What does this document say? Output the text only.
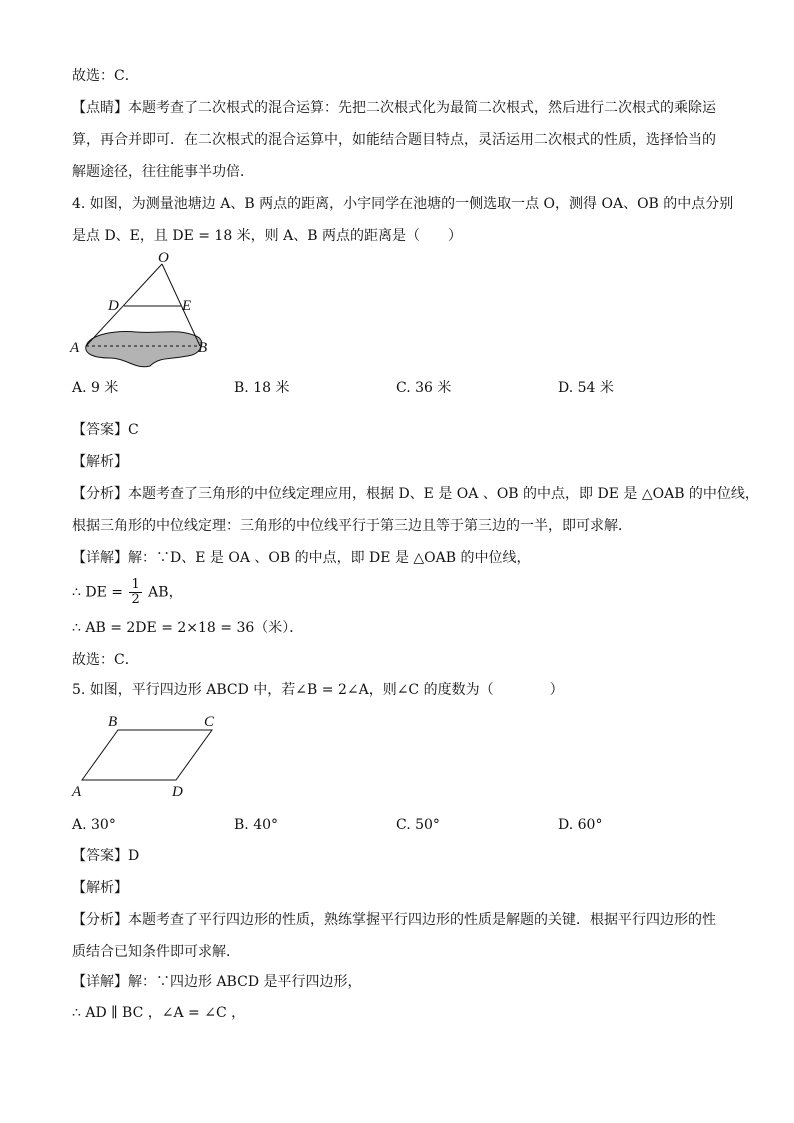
故选：C．
【点睛】本题考查了二次根式的混合运算：先把二次根式化为最简二次根式，然后进行二次根式的乘除运
算，再合并即可．在二次根式的混合运算中，如能结合题目特点，灵活运用二次根式的性质，选择恰当的
解题途径，往往能事半功倍．
4. 如图，为测量池塘边 A、B 两点的距离，小宇同学在池塘的一侧选取一点 O，测得 OA、OB 的中点分别
是点 D、E，且 DE = 18 米，则 A、B 两点的距离是（　　）
O
D	E
A	B
A. 9 米	B. 18 米	C. 36 米	D. 54 米
【答案】C
【解析】
【分析】本题考查了三角形的中位线定理应用，根据 D、E 是 OA 、OB 的中点，即 DE 是 △OAB 的中位线，
根据三角形的中位线定理：三角形的中位线平行于第三边且等于第三边的一半，即可求解．
【详解】解：∵D、E 是 OA 、OB 的中点，即 DE 是 △OAB 的中位线，
∴ DE = $\frac{1}{2}$ AB，
∴ AB = 2DE = 2×18 = 36（米）．
故选：C．
5. 如图，平行四边形 ABCD 中，若∠B = 2∠A，则∠C 的度数为（　　　　）
B	C
A	D
A. 30°	B. 40°	C. 50°	D. 60°
【答案】D
【解析】
【分析】本题考查了平行四边形的性质，熟练掌握平行四边形的性质是解题的关键．根据平行四边形的性
质结合已知条件即可求解．
【详解】解：∵四边形 ABCD 是平行四边形，
∴ AD ∥ BC ，∠A = ∠C ，
